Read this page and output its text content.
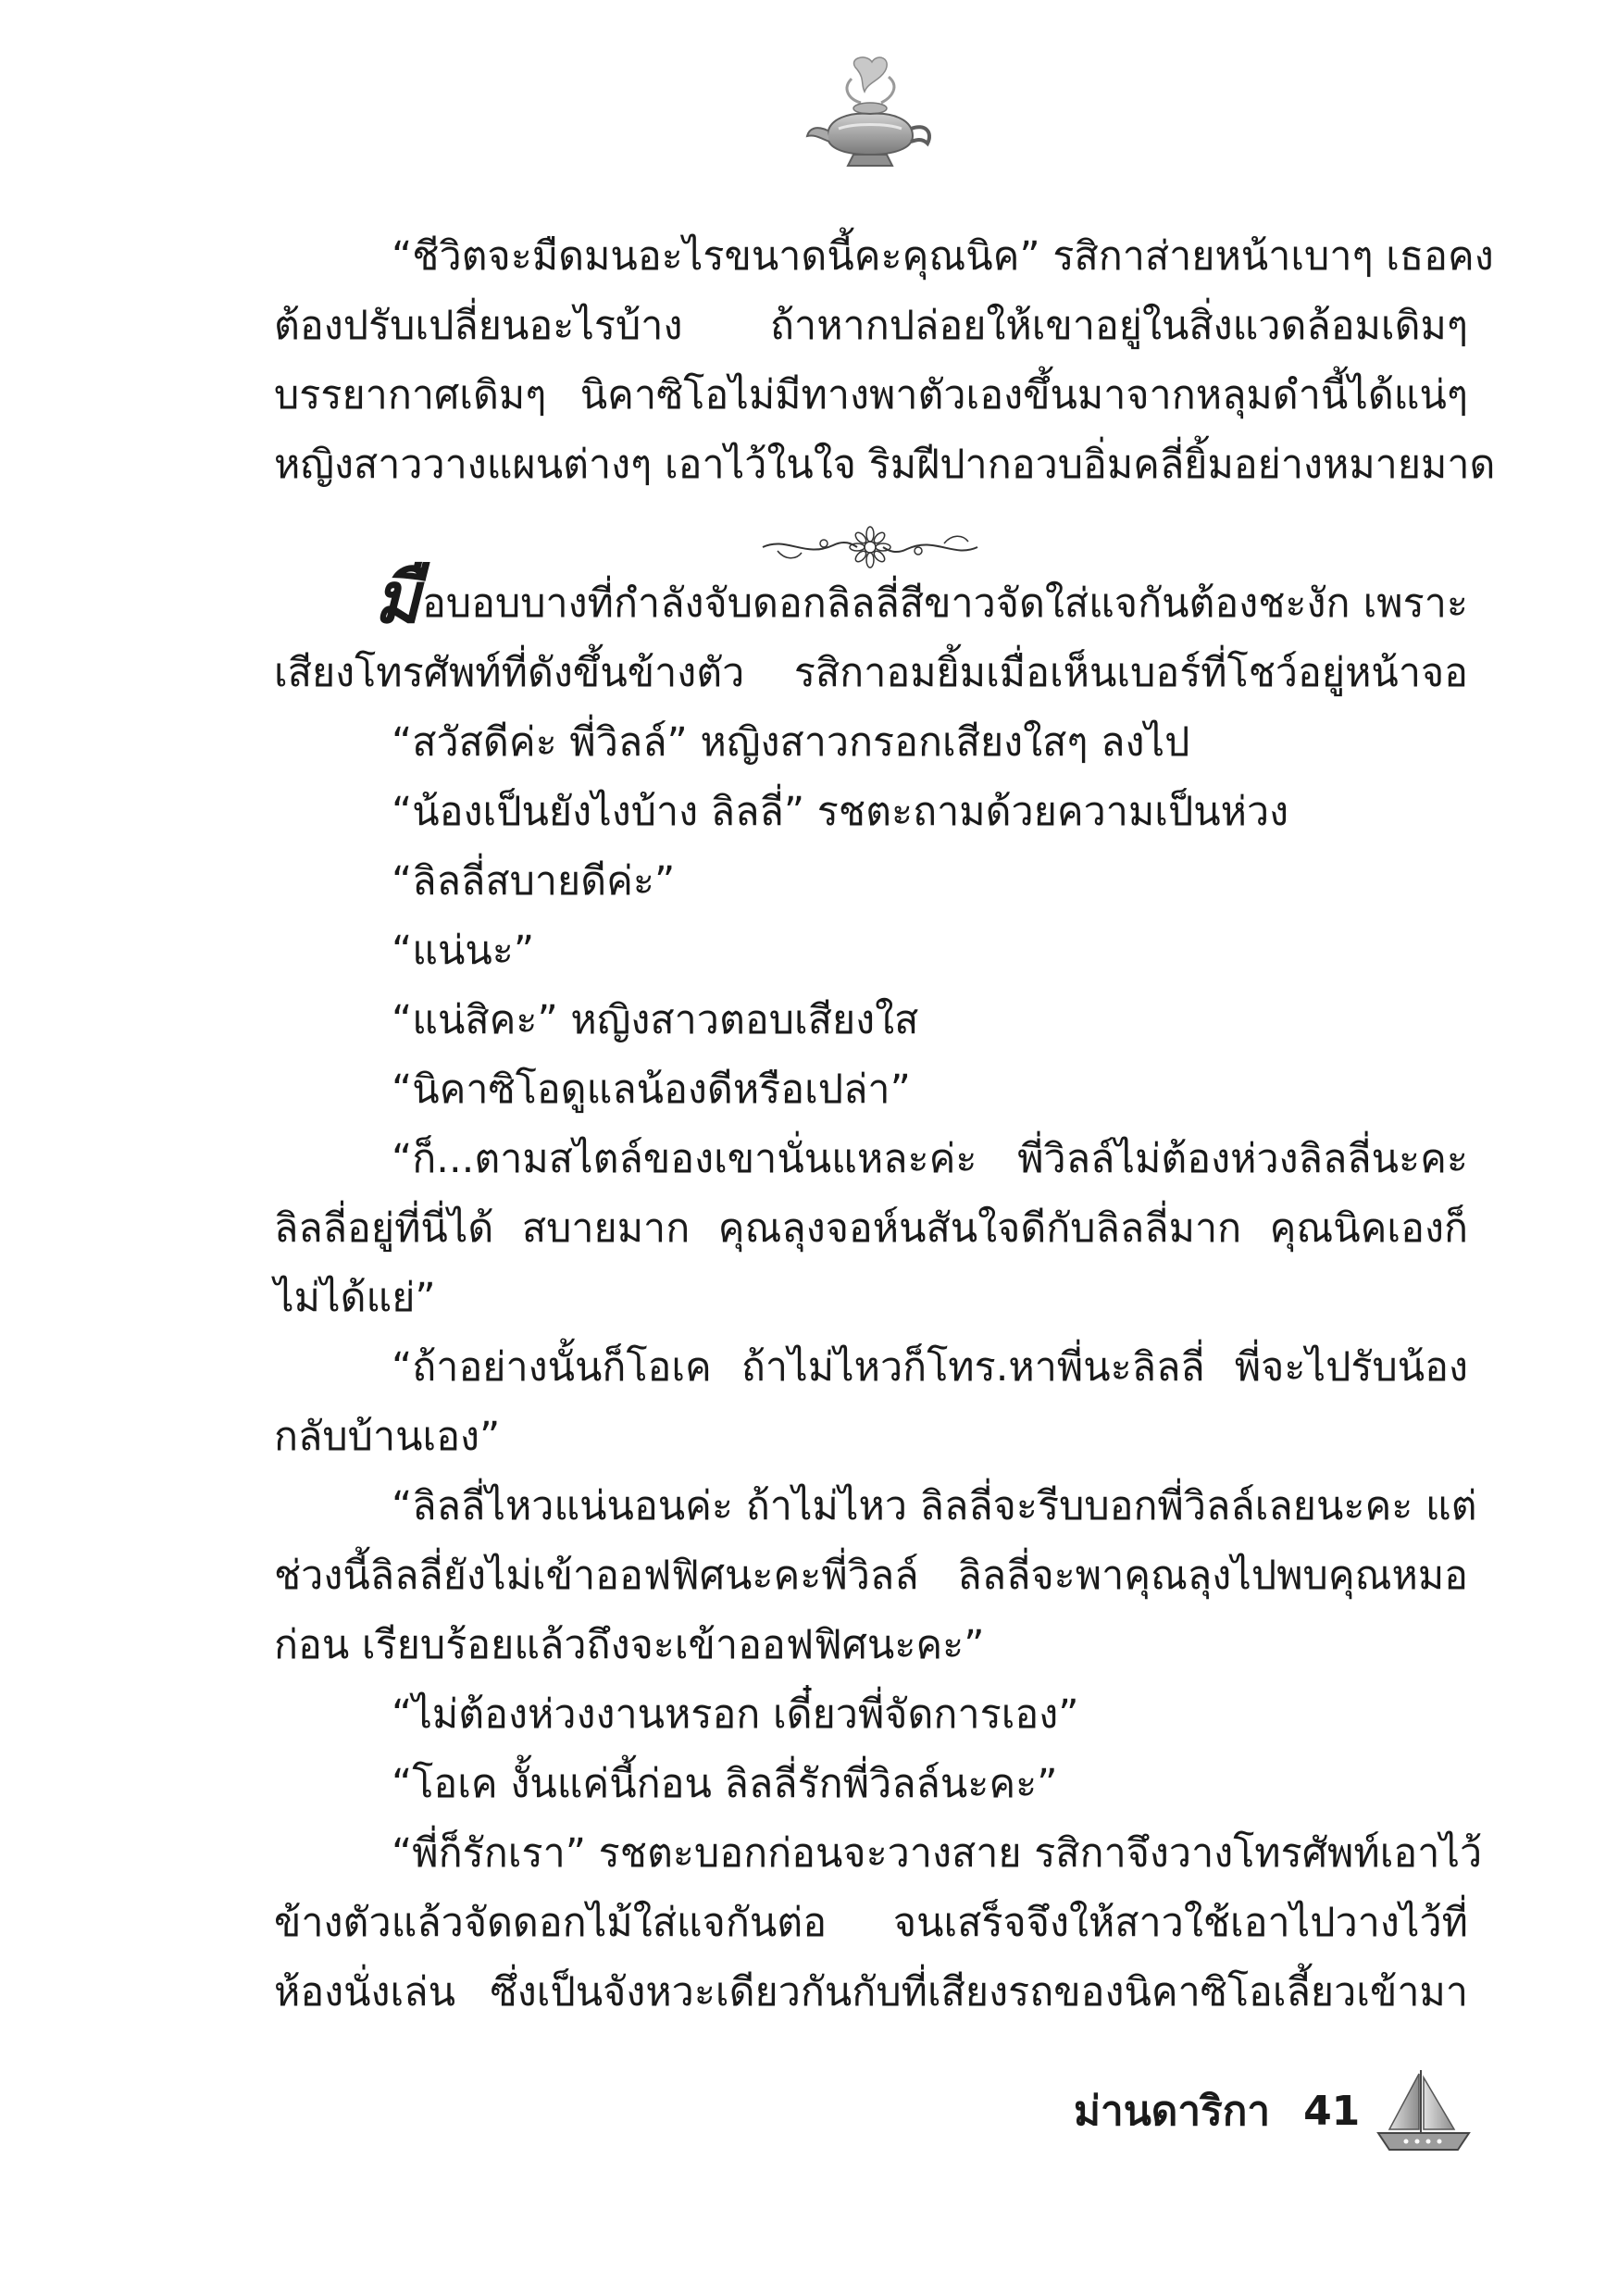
“ชีวิตจะมืดมนอะไรขนาดนี้คะคุณนิค” รสิกาส่ายหน้าเบาๆ เธอคง
ต้องปรับเปลี่ยนอะไรบ้าง ถ้าหากปล่อยให้เขาอยู่ในสิ่งแวดล้อมเดิมๆ
บรรยากาศเดิมๆ นิคาซิโอไม่มีทางพาตัวเองขึ้นมาจากหลุมดำนี้ได้แน่ๆ
หญิงสาววางแผนต่างๆ เอาไว้ในใจ ริมฝีปากอวบอิ่มคลี่ยิ้มอย่างหมายมาด
มื อบอบบางที่กำลังจับดอกลิลลี่สีขาวจัดใส่แจกันต้องชะงัก เพราะ
เสียงโทรศัพท์ที่ดังขึ้นข้างตัว รสิกาอมยิ้มเมื่อเห็นเบอร์ที่โชว์อยู่หน้าจอ
“สวัสดีค่ะ พี่วิลล์” หญิงสาวกรอกเสียงใสๆ ลงไป
“น้องเป็นยังไงบ้าง ลิลลี่” รชตะถามด้วยความเป็นห่วง
“ลิลลี่สบายดีค่ะ”
“แน่นะ”
“แน่สิคะ” หญิงสาวตอบเสียงใส
“นิคาซิโอดูแลน้องดีหรือเปล่า”
“ก็...ตามสไตล์ของเขานั่นแหละค่ะ พี่วิลล์ไม่ต้องห่วงลิลลี่นะคะ
ลิลลี่อยู่ที่นี่ได้ สบายมาก คุณลุงจอห์นสันใจดีกับลิลลี่มาก คุณนิคเองก็
ไม่ได้แย่”
“ถ้าอย่างนั้นก็โอเค ถ้าไม่ไหวก็โทร.หาพี่นะลิลลี่ พี่จะไปรับน้อง
กลับบ้านเอง”
“ลิลลี่ไหวแน่นอนค่ะ ถ้าไม่ไหว ลิลลี่จะรีบบอกพี่วิลล์เลยนะคะ แต่
ช่วงนี้ลิลลี่ยังไม่เข้าออฟฟิศนะคะพี่วิลล์ ลิลลี่จะพาคุณลุงไปพบคุณหมอ
ก่อน เรียบร้อยแล้วถึงจะเข้าออฟฟิศนะคะ”
“ไม่ต้องห่วงงานหรอก เดี๋ยวพี่จัดการเอง”
“โอเค งั้นแค่นี้ก่อน ลิลลี่รักพี่วิลล์นะคะ”
“พี่ก็รักเรา” รชตะบอกก่อนจะวางสาย รสิกาจึงวางโทรศัพท์เอาไว้
ข้างตัวแล้วจัดดอกไม้ใส่แจกันต่อ จนเสร็จจึงให้สาวใช้เอาไปวางไว้ที่
ห้องนั่งเล่น ซึ่งเป็นจังหวะเดียวกันกับที่เสียงรถของนิคาซิโอเลี้ยวเข้ามา
ม่านดาริกา 41
